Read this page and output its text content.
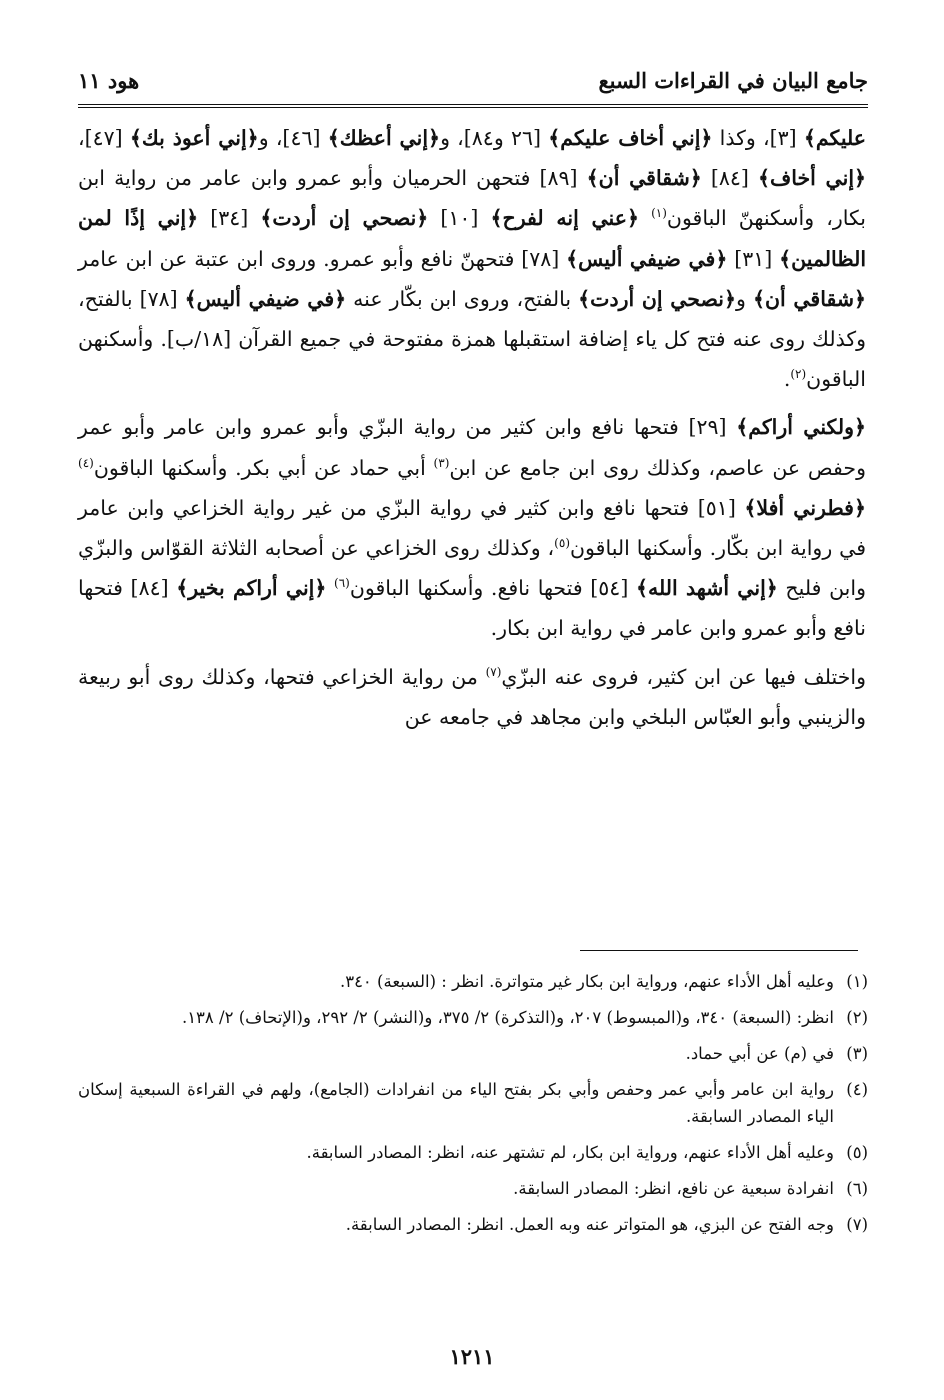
جامع البيان في القراءات السبع
هود ١١

عليكم﴾ [٣]، وكذا ﴿إني أخاف عليكم﴾ [٢٦ و٨٤]، و﴿إني أعظك﴾ [٤٦]، و﴿إني أعوذ بك﴾ [٤٧]، ﴿إني أخاف﴾ [٨٤] ﴿شقاقي أن﴾ [٨٩] فتحهن الحرميان وأبو عمرو وابن عامر من رواية ابن بكار، وأسكنهنّ الباقون$^{(١)}$ ﴿عني إنه لفرح﴾ [١٠] ﴿نصحي إن أردت﴾ [٣٤] ﴿إني إذًا لمن الظالمين﴾ [٣١] ﴿في ضيفي أليس﴾ [٧٨] فتحهنّ نافع وأبو عمرو. وروى ابن عتبة عن ابن عامر ﴿شقاقي أن﴾ و﴿نصحي إن أردت﴾ بالفتح، وروى ابن بكّار عنه ﴿في ضيفي أليس﴾ [٧٨] بالفتح، وكذلك روى عنه فتح كل ياء إضافة استقبلها همزة مفتوحة في جميع القرآن [١٨/ب]. وأسكنهن الباقون$^{(٢)}$.

﴿ولكني أراكم﴾ [٢٩] فتحها نافع وابن كثير من رواية البزّي وأبو عمرو وابن عامر وأبو عمر وحفص عن عاصم، وكذلك روى ابن جامع عن ابن$^{(٣)}$ أبي حماد عن أبي بكر. وأسكنها الباقون$^{(٤)}$ ﴿فطرني أفلا﴾ [٥١] فتحها نافع وابن كثير في رواية البزّي من غير رواية الخزاعي وابن عامر في رواية ابن بكّار. وأسكنها الباقون$^{(٥)}$، وكذلك روى الخزاعي عن أصحابه الثلاثة القوّاس والبزّي وابن فليح ﴿إني أشهد الله﴾ [٥٤] فتحها نافع. وأسكنها الباقون$^{(٦)}$ ﴿إني أراكم بخير﴾ [٨٤] فتحها نافع وأبو عمرو وابن عامر في رواية ابن بكار.

واختلف فيها عن ابن كثير، فروى عنه البزّي$^{(٧)}$ من رواية الخزاعي فتحها، وكذلك روى أبو ربيعة والزينبي وأبو العبّاس البلخي وابن مجاهد في جامعه عن

(١)
وعليه أهل الأداء عنهم، ورواية ابن بكار غير متواترة. انظر : (السبعة) ٣٤٠.
(٢)
انظر: (السبعة) ٣٤٠، و(المبسوط) ٢٠٧، و(التذكرة) ٢/ ٣٧٥، و(النشر) ٢/ ٢٩٢، و(الإتحاف) ٢/ ١٣٨.
(٣)
في (م) عن أبي حماد.
(٤)
رواية ابن عامر وأبي عمر وحفص وأبي بكر بفتح الياء من انفرادات (الجامع)، ولهم في القراءة السبعية إسكان الياء المصادر السابقة.
(٥)
وعليه أهل الأداء عنهم، ورواية ابن بكار، لم تشتهر عنه، انظر: المصادر السابقة.
(٦)
انفرادة سبعية عن نافع، انظر: المصادر السابقة.
(٧)
وجه الفتح عن البزي، هو المتواتر عنه وبه العمل. انظر: المصادر السابقة.
١٢١١
